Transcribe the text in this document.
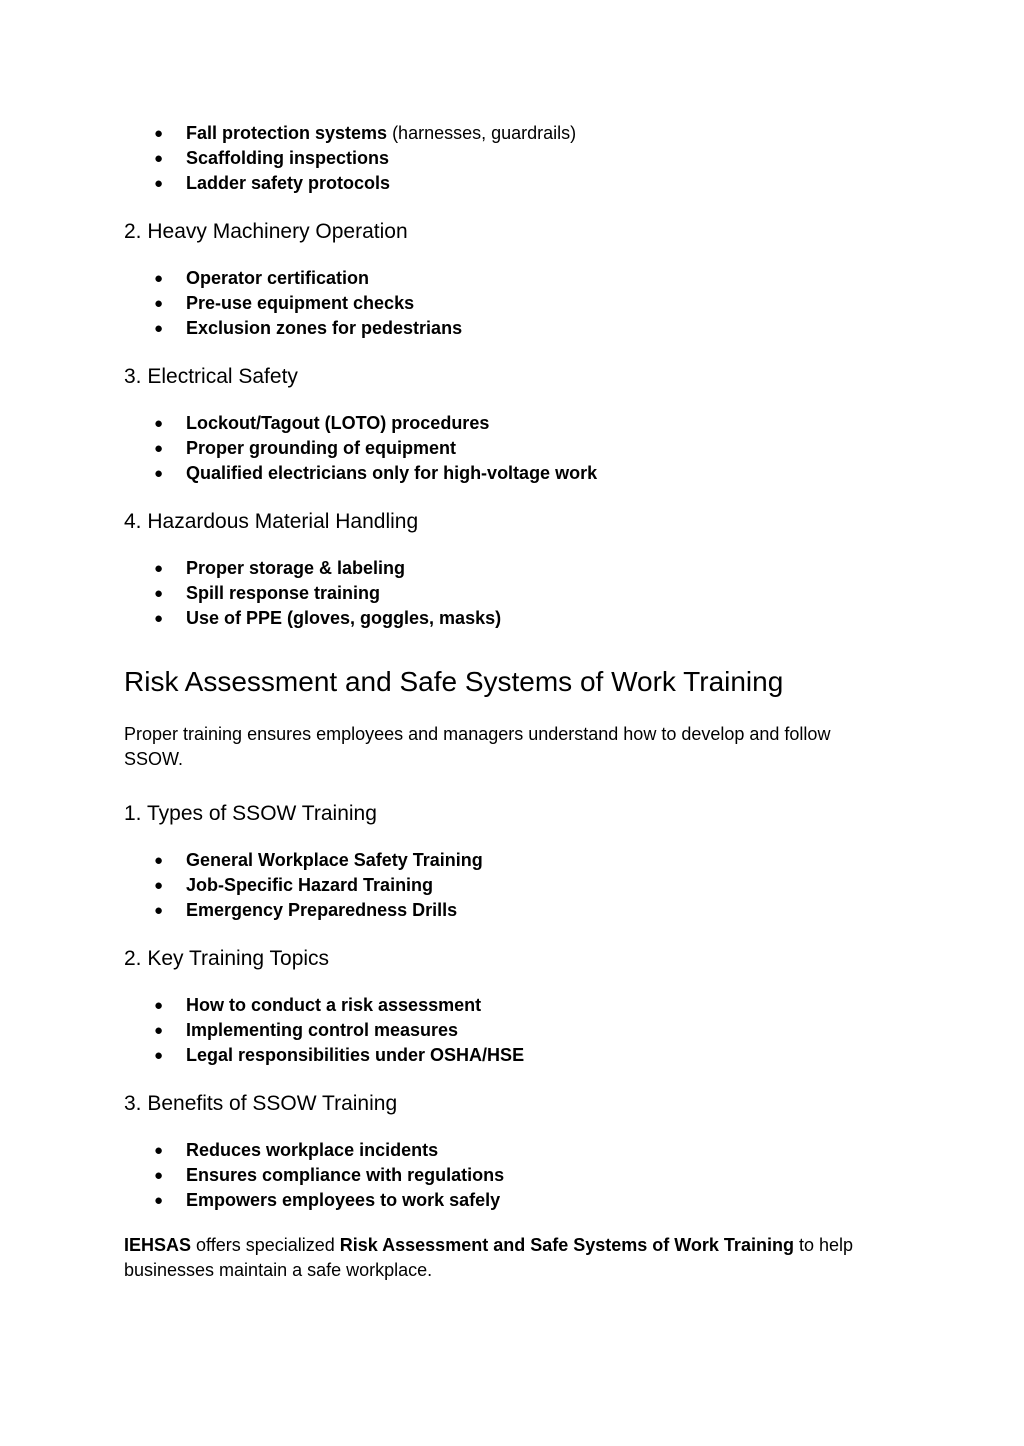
● Fall protection systems (harnesses, guardrails)
● Scaffolding inspections
● Ladder safety protocols
2. Heavy Machinery Operation
● Operator certification
● Pre-use equipment checks
● Exclusion zones for pedestrians
3. Electrical Safety
● Lockout/Tagout (LOTO) procedures
● Proper grounding of equipment
● Qualified electricians only for high-voltage work
4. Hazardous Material Handling
● Proper storage & labeling
● Spill response training
● Use of PPE (gloves, goggles, masks)
Risk Assessment and Safe Systems of Work Training

Proper training ensures employees and managers understand how to develop and follow SSOW.

1. Types of SSOW Training
● General Workplace Safety Training
● Job-Specific Hazard Training
● Emergency Preparedness Drills
2. Key Training Topics
● How to conduct a risk assessment
● Implementing control measures
● Legal responsibilities under OSHA/HSE
3. Benefits of SSOW Training
● Reduces workplace incidents
● Ensures compliance with regulations
● Empowers employees to work safely

IEHSAS offers specialized Risk Assessment and Safe Systems of Work Training to help businesses maintain a safe workplace.
